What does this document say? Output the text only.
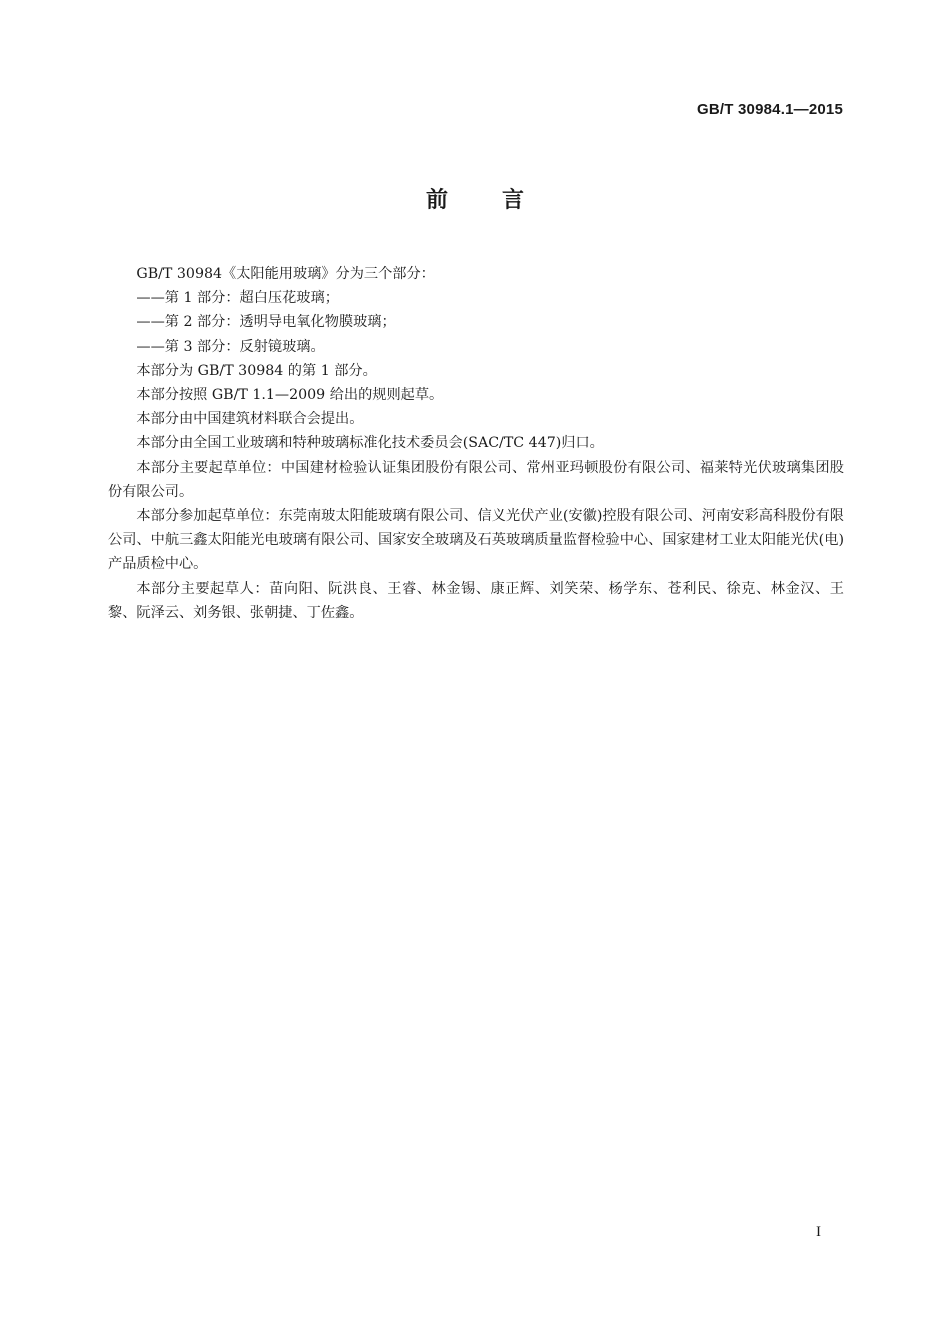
GB/T 30984.1—2015
前言

GB/T 30984《太阳能用玻璃》分为三个部分：

——第 1 部分：超白压花玻璃；

——第 2 部分：透明导电氧化物膜玻璃；

——第 3 部分：反射镜玻璃。

本部分为 GB/T 30984 的第 1 部分。

本部分按照 GB/T 1.1—2009 给出的规则起草。

本部分由中国建筑材料联合会提出。

本部分由全国工业玻璃和特种玻璃标准化技术委员会(SAC/TC 447)归口。

本部分主要起草单位：中国建材检验认证集团股份有限公司、常州亚玛顿股份有限公司、福莱特光伏玻璃集团股份有限公司。

本部分参加起草单位：东莞南玻太阳能玻璃有限公司、信义光伏产业(安徽)控股有限公司、河南安彩高科股份有限公司、中航三鑫太阳能光电玻璃有限公司、国家安全玻璃及石英玻璃质量监督检验中心、国家建材工业太阳能光伏(电)产品质检中心。

本部分主要起草人：苗向阳、阮洪良、王睿、林金锡、康正辉、刘笑荣、杨学东、苍利民、徐克、林金汉、王黎、阮泽云、刘务银、张朝捷、丁佐鑫。

I
